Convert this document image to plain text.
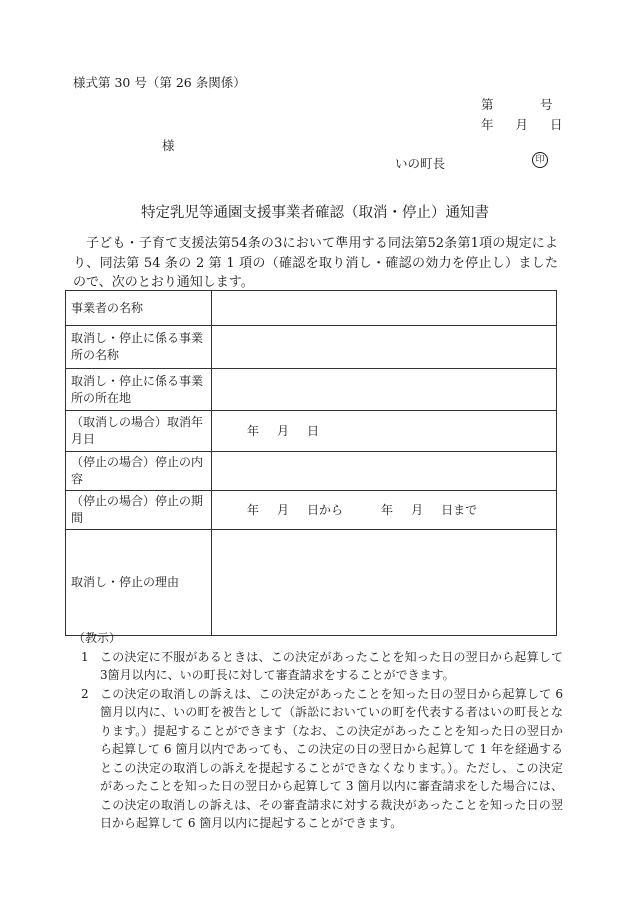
様式第 30 号（第 26 条関係）
第	号
年 月 日
様
いの町長	印
特定乳児等通園支援事業者確認（取消・停止）通知書

子ども・子育て支援法第54条の3において準用する同法第52条第1項の規定により、同法第 54 条の 2 第 1 項の（確認を取り消し・確認の効力を停止し）ましたので、次のとおり通知します。

事業者の名称	
取消し・停止に係る事業所の名称	
取消し・停止に係る事業所の所在地	
（取消しの場合）取消年月日	年 月 日
（停止の場合）停止の内容	
（停止の場合）停止の期間	年 月 日から 年 月 日まで
取消し・停止の理由	
（教示）
1 この決定に不服があるときは、この決定があったことを知った日の翌日から起算して3箇月以内に、いの町長に対して審査請求をすることができます。
2 この決定の取消しの訴えは、この決定があったことを知った日の翌日から起算して 6 箇月以内に、いの町を被告として（訴訟においていの町を代表する者はいの町長となります。）提起することができます（なお、この決定があったことを知った日の翌日から起算して 6 箇月以内であっても、この決定の日の翌日から起算して 1 年を経過するとこの決定の取消しの訴えを提起することができなくなります。）。ただし、この決定があったことを知った日の翌日から起算して 3 箇月以内に審査請求をした場合には、この決定の取消しの訴えは、その審査請求に対する裁決があったことを知った日の翌日から起算して 6 箇月以内に提起することができます。
